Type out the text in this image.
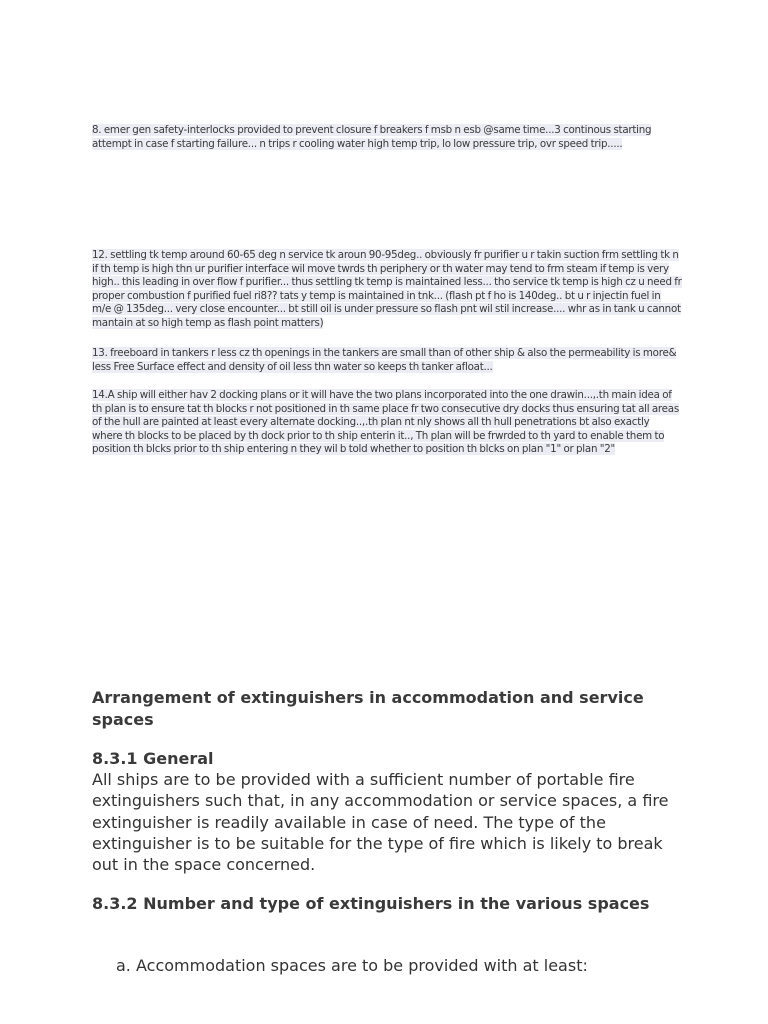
8. emer gen safety-interlocks provided to prevent closure f breakers f msb n esb @same time...3 continous starting attempt in case f starting failure... n trips r cooling water high temp trip, lo low pressure trip, ovr speed trip.....

12. settling tk temp around 60-65 deg n service tk aroun 90-95deg.. obviously fr purifier u r takin suction frm settling tk n if th temp is high thn ur purifier interface wil move twrds th periphery or th water may tend to frm steam if temp is very high.. this leading in over flow f purifier... thus settling tk temp is maintained less... tho service tk temp is high cz u need fr proper combustion f purified fuel ri8?? tats y temp is maintained in tnk... (flash pt f ho is 140deg.. bt u r injectin fuel in m/e @ 135deg... very close encounter... bt still oil is under pressure so flash pnt wil stil increase.... whr as in tank u cannot mantain at so high temp as flash point matters)

13. freeboard in tankers r less cz th openings in the tankers are small than of other ship & also the permeability is more& less Free Surface effect and density of oil less thn water so keeps th tanker afloat...

14.A ship will either hav 2 docking plans or it will have the two plans incorporated into the one drawin...,.th main idea of th plan is to ensure tat th blocks r not positioned in th same place fr two consecutive dry docks thus ensuring tat all areas of the hull are painted at least every alternate docking..,.th plan nt nly shows all th hull penetrations bt also exactly where th blocks to be placed by th dock prior to th ship enterin it.., Th plan will be frwrded to th yard to enable them to position th blcks prior to th ship entering n they wil b told whether to position th blcks on plan "1" or plan "2"

Arrangement of extinguishers in accommodation and service spaces
8.3.1 General

All ships are to be provided with a sufficient number of portable fire extinguishers such that, in any accommodation or service spaces, a fire extinguisher is readily available in case of need. The type of the extinguisher is to be suitable for the type of fire which is likely to break out in the space concerned.

8.3.2 Number and type of extinguishers in the various spaces

a. Accommodation spaces are to be provided with at least:
